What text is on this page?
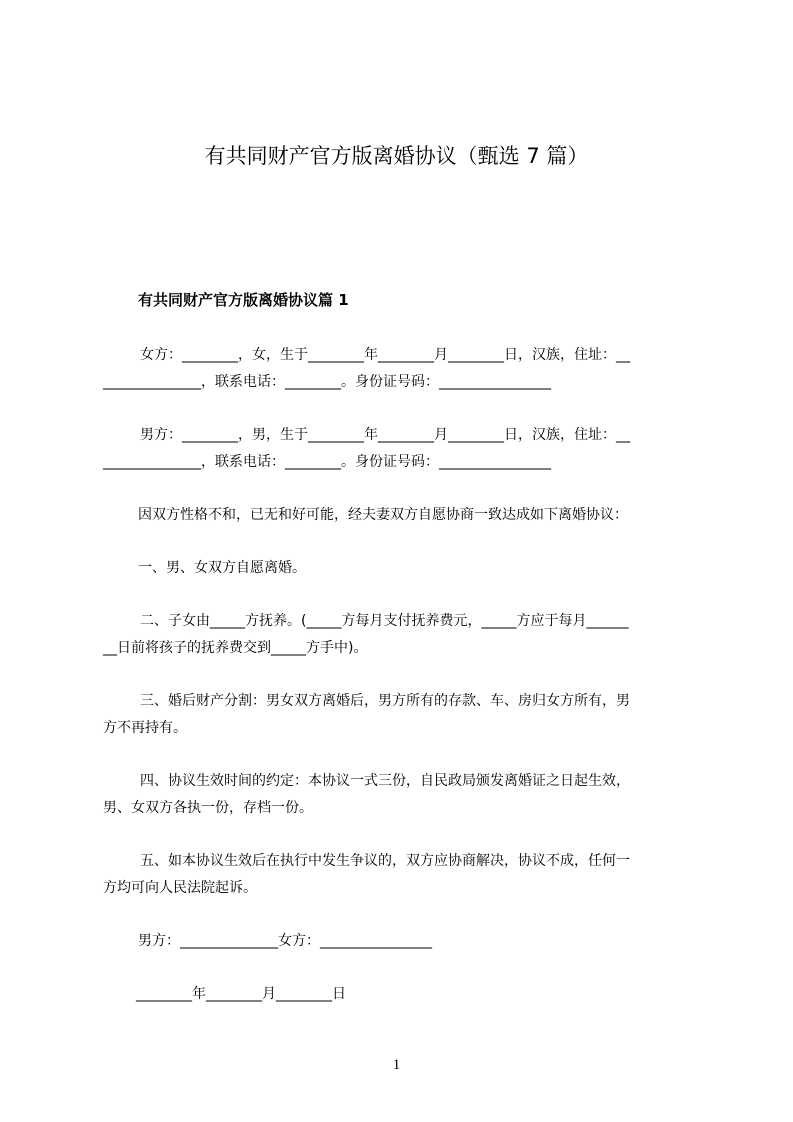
有共同财产官方版离婚协议（甄选 7 篇）
有共同财产官方版离婚协议篇 1
女方：________，女，生于________年________月________日，汉族，住址：__
______________，联系电话：________。身份证号码：________________
男方：________，男，生于________年________月________日，汉族，住址：__
______________，联系电话：________。身份证号码：________________
因双方性格不和，已无和好可能，经夫妻双方自愿协商一致达成如下离婚协议：
一、男、女双方自愿离婚。
二、子女由_____方抚养。(_____方每月支付抚养费元，_____方应于每月______
__日前将孩子的抚养费交到_____方手中)。
三、婚后财产分割：男女双方离婚后，男方所有的存款、车、房归女方所有，男
方不再持有。
四、协议生效时间的约定：本协议一式三份，自民政局颁发离婚证之日起生效，
男、女双方各执一份，存档一份。
五、如本协议生效后在执行中发生争议的，双方应协商解决，协议不成，任何一
方均可向人民法院起诉。
男方：______________女方：________________
________年________月________日
1
